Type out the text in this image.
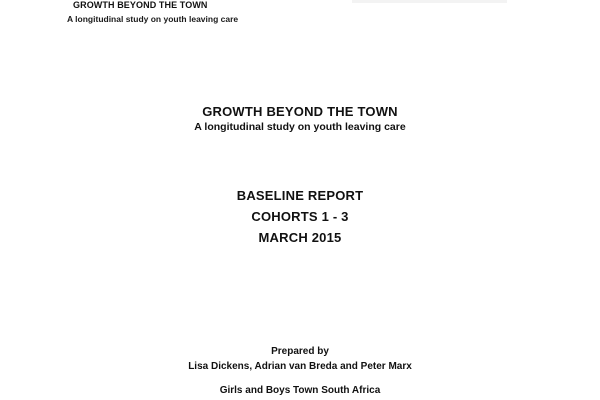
GROWTH BEYOND THE TOWN
A longitudinal study on youth leaving care
GROWTH BEYOND THE TOWN
A longitudinal study on youth leaving care
BASELINE REPORT
COHORTS 1 - 3
MARCH 2015
Prepared by
Lisa Dickens, Adrian van Breda and Peter Marx
Girls and Boys Town South Africa
